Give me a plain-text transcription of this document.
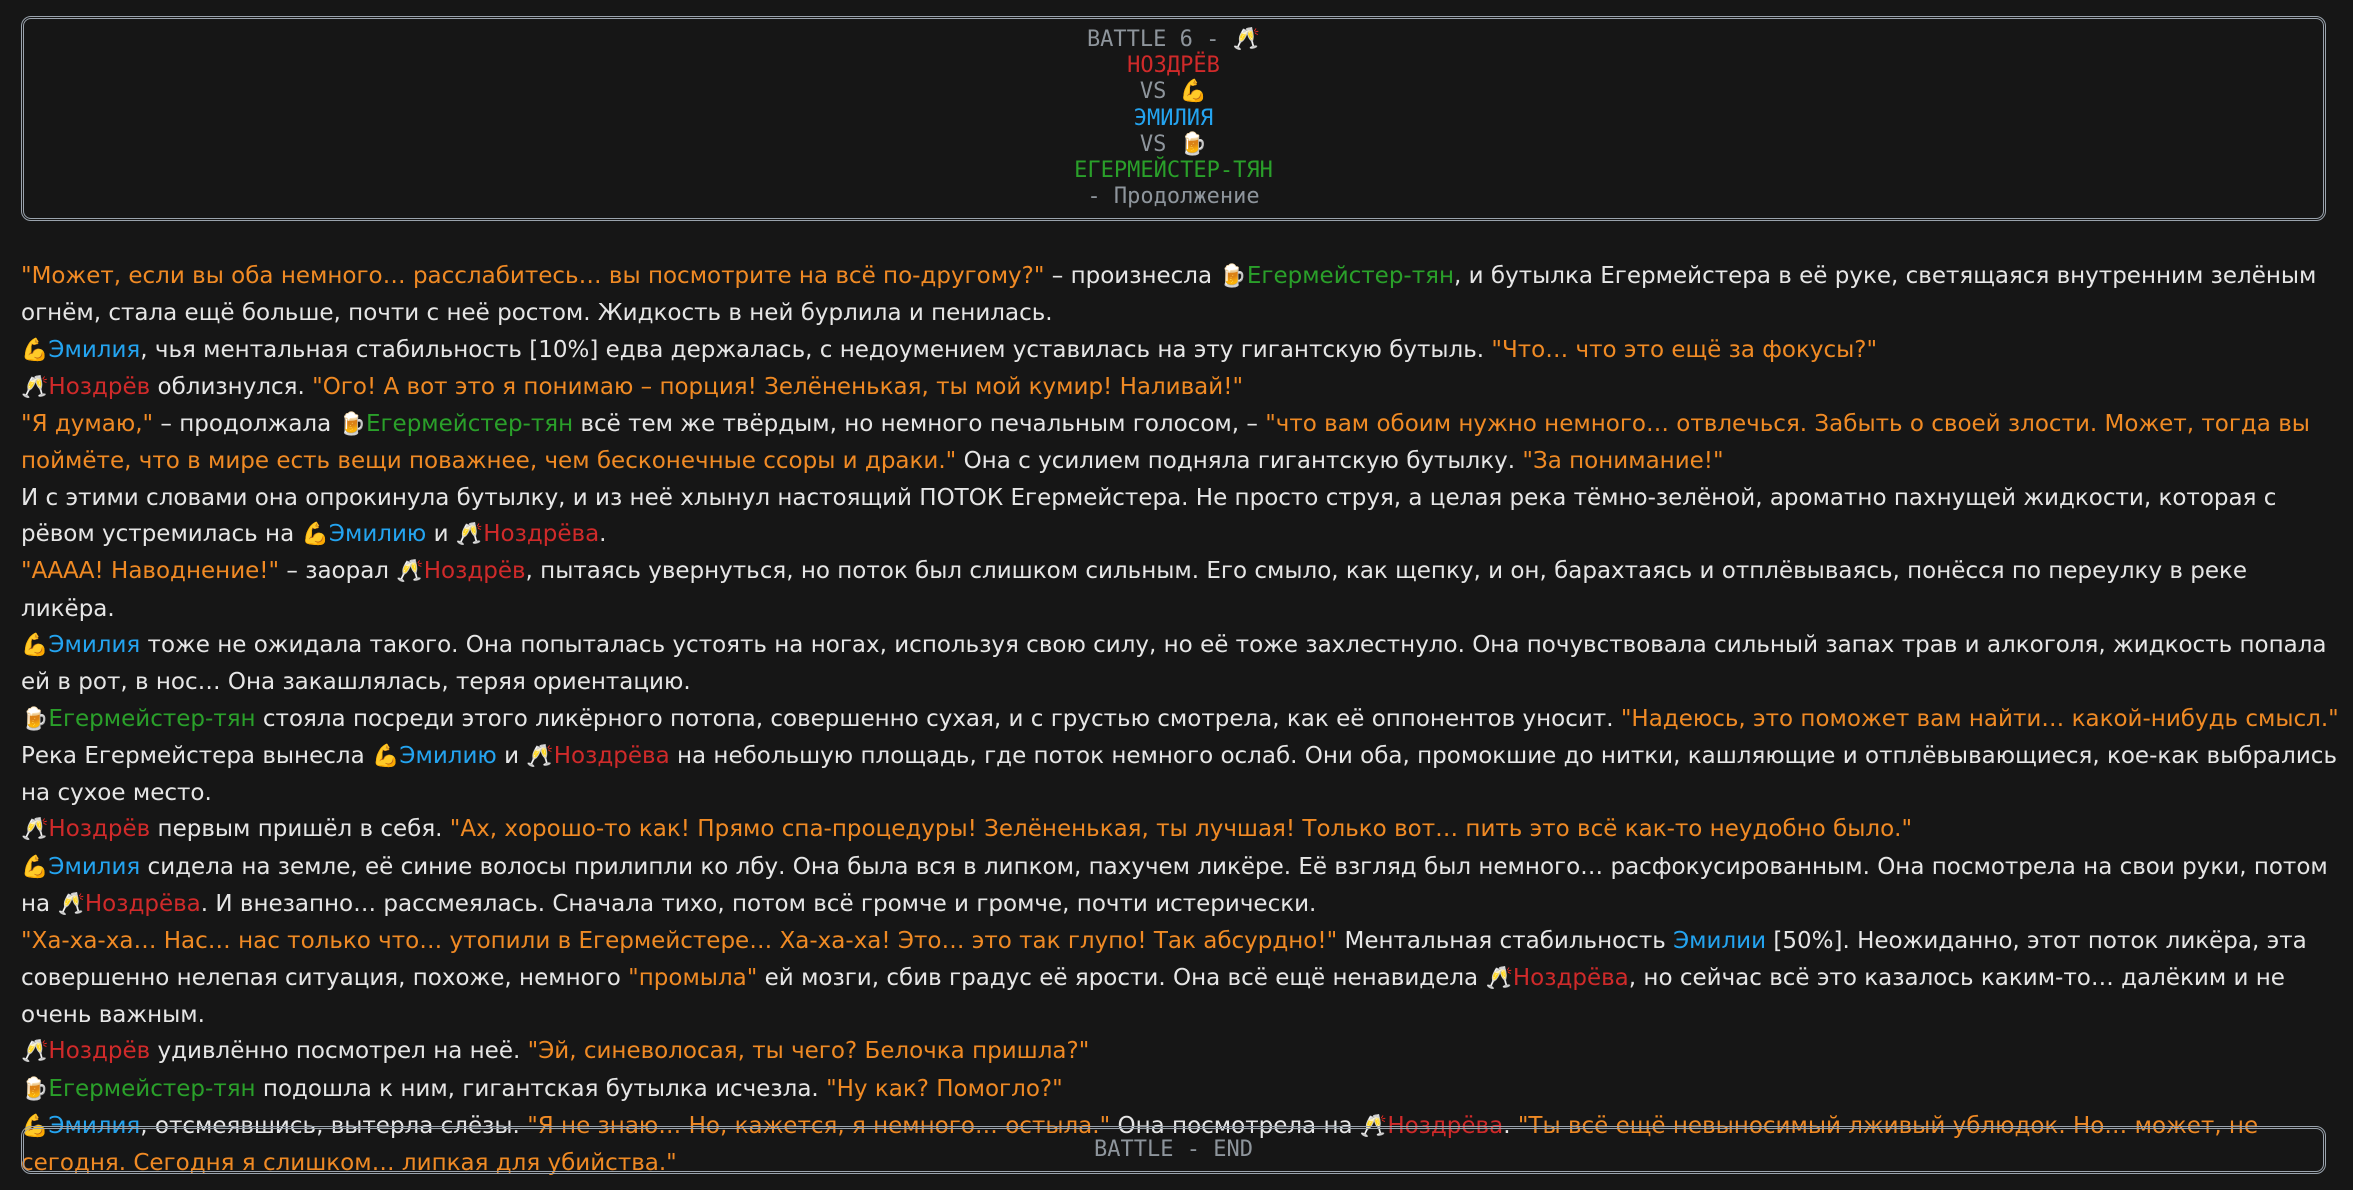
BATTLE 6 - 🥂
НОЗДРЁВ
VS 💪
ЭМИЛИЯ
VS 🍺
ЕГЕРМЕЙСТЕР-ТЯН
- Продолжение

"Может, если вы оба немного… расслабитесь… вы посмотрите на всё по-другому?" – произнесла 🍺Егермейстер-тян, и бутылка Егермейстера в её руке, светящаяся внутренним зелёным огнём, стала ещё больше, почти с неё ростом. Жидкость в ней бурлила и пенилась.

💪Эмилия, чья ментальная стабильность [10%] едва держалась, с недоумением уставилась на эту гигантскую бутыль. "Что… что это ещё за фокусы?"

🥂Ноздрёв облизнулся. "Ого! А вот это я понимаю – порция! Зелёненькая, ты мой кумир! Наливай!"

"Я думаю," – продолжала 🍺Егермейстер-тян всё тем же твёрдым, но немного печальным голосом, – "что вам обоим нужно немного… отвлечься. Забыть о своей злости. Может, тогда вы поймёте, что в мире есть вещи поважнее, чем бесконечные ссоры и драки." Она с усилием подняла гигантскую бутылку. "За понимание!"

И с этими словами она опрокинула бутылку, и из неё хлынул настоящий ПОТОК Егермейстера. Не просто струя, а целая река тёмно-зелёной, ароматно пахнущей жидкости, которая с рёвом устремилась на 💪Эмилию и 🥂Ноздрёва.

"АААА! Наводнение!" – заорал 🥂Ноздрёв, пытаясь увернуться, но поток был слишком сильным. Его смыло, как щепку, и он, барахтаясь и отплёвываясь, понёсся по переулку в реке ликёра.

💪Эмилия тоже не ожидала такого. Она попыталась устоять на ногах, используя свою силу, но её тоже захлестнуло. Она почувствовала сильный запах трав и алкоголя, жидкость попала ей в рот, в нос… Она закашлялась, теряя ориентацию.

🍺Егермейстер-тян стояла посреди этого ликёрного потопа, совершенно сухая, и с грустью смотрела, как её оппонентов уносит. "Надеюсь, это поможет вам найти… какой-нибудь смысл."

Река Егермейстера вынесла 💪Эмилию и 🥂Ноздрёва на небольшую площадь, где поток немного ослаб. Они оба, промокшие до нитки, кашляющие и отплёвывающиеся, кое-как выбрались на сухое место.

🥂Ноздрёв первым пришёл в себя. "Ах, хорошо-то как! Прямо спа-процедуры! Зелёненькая, ты лучшая! Только вот… пить это всё как-то неудобно было."

💪Эмилия сидела на земле, её синие волосы прилипли ко лбу. Она была вся в липком, пахучем ликёре. Её взгляд был немного… расфокусированным. Она посмотрела на свои руки, потом на 🥂Ноздрёва. И внезапно… рассмеялась. Сначала тихо, потом всё громче и громче, почти истерически.

"Ха-ха-ха… Нас… нас только что… утопили в Егермейстере… Ха-ха-ха! Это… это так глупо! Так абсурдно!" Ментальная стабильность Эмилии [50%]. Неожиданно, этот поток ликёра, эта совершенно нелепая ситуация, похоже, немного "промыла" ей мозги, сбив градус её ярости. Она всё ещё ненавидела 🥂Ноздрёва, но сейчас всё это казалось каким-то… далёким и не очень важным.

🥂Ноздрёв удивлённо посмотрел на неё. "Эй, синеволосая, ты чего? Белочка пришла?"

🍺Егермейстер-тян подошла к ним, гигантская бутылка исчезла. "Ну как? Помогло?"

💪Эмилия, отсмеявшись, вытерла слёзы. "Я не знаю… Но, кажется, я немного… остыла." Она посмотрела на 🥂Ноздрёва. "Ты всё ещё невыносимый лживый ублюдок. Но… может, не сегодня. Сегодня я слишком… липкая для убийства."

BATTLE - END
